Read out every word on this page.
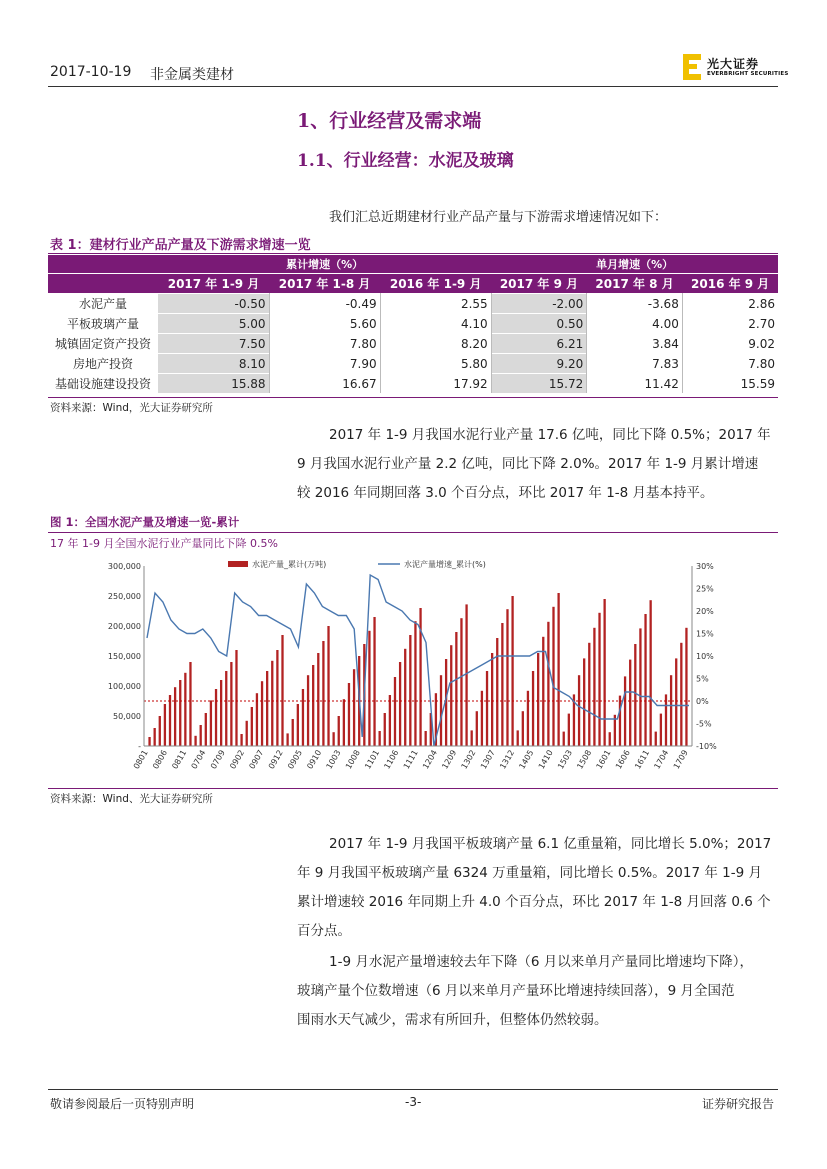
2017-10-19 非金属类建材
光大证券
EVERBRIGHT SECURITIES
1、行业经营及需求端
1.1、行业经营：水泥及玻璃
我们汇总近期建材行业产品产量与下游需求增速情况如下：
表 1：建材行业产品产量及下游需求增速一览
	累计增速（%）			单月增速（%）		
	2017 年 1-9 月	2017 年 1-8 月	2016 年 1-9 月	2017 年 9 月	2017 年 8 月	2016 年 9 月
水泥产量	-0.50	-0.49	2.55	-2.00	-3.68	2.86
平板玻璃产量	5.00	5.60	4.10	0.50	4.00	2.70
城镇固定资产投资	7.50	7.80	8.20	6.21	3.84	9.02
房地产投资	8.10	7.90	5.80	9.20	7.83	7.80
基础设施建设投资	15.88	16.67	17.92	15.72	11.42	15.59
资料来源：Wind，光大证券研究所
2017 年 1-9 月我国水泥行业产量 17.6 亿吨，同比下降 0.5%；2017 年
9 月我国水泥行业产量 2.2 亿吨，同比下降 2.0%。2017 年 1-9 月累计增速
较 2016 年同期回落 3.0 个百分点，环比 2017 年 1-8 月基本持平。
图 1：全国水泥产量及增速一览-累计
17 年 1-9 月全国水泥行业产量同比下降 0.5%
300,000
250,000
200,000
150,000
100,000
50,000
-
30%
25%
20%
15%
10%
5%
0%
-5%
-10%
0801 0806 0811 0704 0709 0902 0907 0912 0905 0910 1003 1008 1101 1106 1111 1204 1209 1302 1307 1312 1405 1410 1503 1508 1601 1606 1611 1704 1709
水泥产量_累计(万吨)	水泥产量增速_累计(%)
资料来源：Wind、光大证券研究所
2017 年 1-9 月我国平板玻璃产量 6.1 亿重量箱，同比增长 5.0%；2017
年 9 月我国平板玻璃产量 6324 万重量箱，同比增长 0.5%。2017 年 1-9 月
累计增速较 2016 年同期上升 4.0 个百分点，环比 2017 年 1-8 月回落 0.6 个
百分点。
1-9 月水泥产量增速较去年下降（6 月以来单月产量同比增速均下降），
玻璃产量个位数增速（6 月以来单月产量环比增速持续回落），9 月全国范
围雨水天气减少，需求有所回升，但整体仍然较弱。
敬请参阅最后一页特别声明	-3-	证券研究报告
